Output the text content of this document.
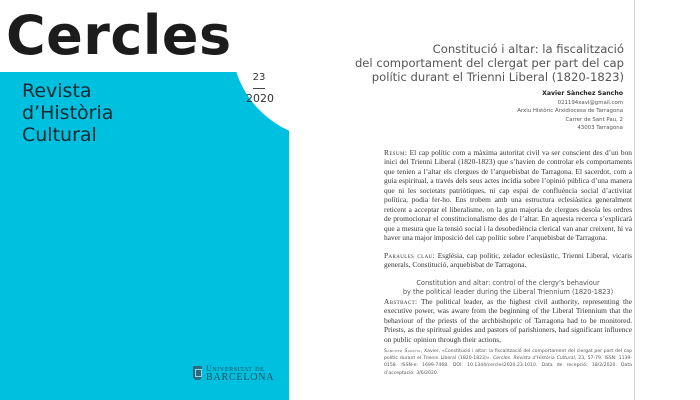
Cercles
Revista
d’Història
Cultural
23
2020
Universitat de
BARCELONA
Constitució i altar: la fiscalització
del comportament del clergat per part del cap
polític durant el Trienni Liberal (1820-1823)
Xavier Sànchez Sancho
021194xavi@gmail.com
Arxiu Històric Arxidiocesa de Tarragona
Carrer de Sant Pau, 2
43003 Tarragona

Resum: El cap polític com a màxima autoritat civil va ser conscient des d’un bon inici del Trienni Liberal (1820-1823) que s’havien de controlar els comportaments que tenien a l’altar els clergues de l’arquebisbat de Tarragona. El sacerdot, com a guia espiritual, a través dels seus actes incidia sobre l’opinió pública d’una manera que ni les societats patriòtiques, ni cap espai de confluència social d’activitat política, podia fer-ho. Ens trobem amb una estructura eclesiàstica generalment reticent a acceptar el liberalisme, on la gran majoria de clergues desoïa les ordres de promocionar el constitucionalisme des de l’altar. En aquesta recerca s’explicarà que a mesura que la tensió social i la desobediència clerical van anar creixent, hi va haver una major imposició del cap polític sobre l’arquebisbat de Tarragona.

Paraules clau: Església, cap polític, zelador eclesiàstic, Trienni Liberal, vicaris generals, Constitució, arquebisbat de Tarragona.
Constitution and altar: control of the clergy’s behaviour
by the political leader during the Liberal Triennium (1820-1823)
Abstract: The political leader, as the highest civil authority, representing the executive power, was aware from the beginning of the Liberal Triennium that the behaviour of the priests of the archbishopric of Tarragona had to be monitored. Priests, as the spiritual guides and pastors of parishioners, had significant influence on public opinion through their actions,
Sànchez Sancho, Xavier, «Constitució i altar: la fiscalització del comportament del clergat per part del cap polític durant el Trienni Liberal (1820-1823)». Cercles. Revista d’Història Cultural, 23, 57-79. ISSN: 1139-0158. ISSN-e: 1699-7468. DOI: 10.1344/cercles2020.23.1010. Data de recepció: 18/2/2020. Data d’acceptació: 3/6/2020.
